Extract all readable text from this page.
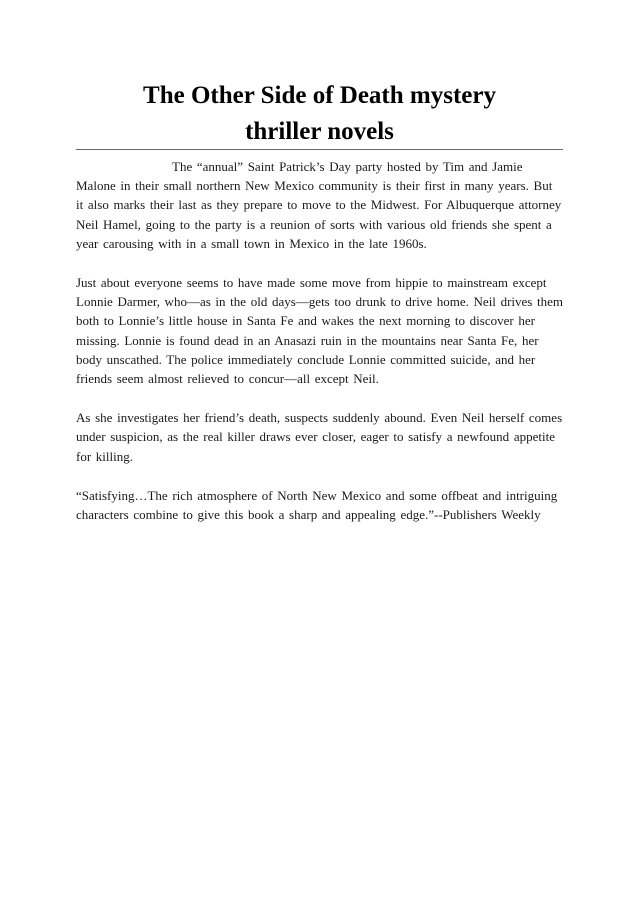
The Other Side of Death mystery
thriller novels

The “annual” Saint Patrick’s Day party hosted by Tim and Jamie Malone in their small northern New Mexico community is their first in many years. But it also marks their last as they prepare to move to the Midwest. For Albuquerque attorney Neil Hamel, going to the party is a reunion of sorts with various old friends she spent a year carousing with in a small town in Mexico in the late 1960s.

Just about everyone seems to have made some move from hippie to mainstream except Lonnie Darmer, who—as in the old days—gets too drunk to drive home. Neil drives them both to Lonnie’s little house in Santa Fe and wakes the next morning to discover her missing. Lonnie is found dead in an Anasazi ruin in the mountains near Santa Fe, her body unscathed. The police immediately conclude Lonnie committed suicide, and her friends seem almost relieved to concur—all except Neil.

As she investigates her friend’s death, suspects suddenly abound. Even Neil herself comes under suspicion, as the real killer draws ever closer, eager to satisfy a newfound appetite for killing.

“Satisfying…The rich atmosphere of North New Mexico and some offbeat and intriguing characters combine to give this book a sharp and appealing edge.”--Publishers Weekly
